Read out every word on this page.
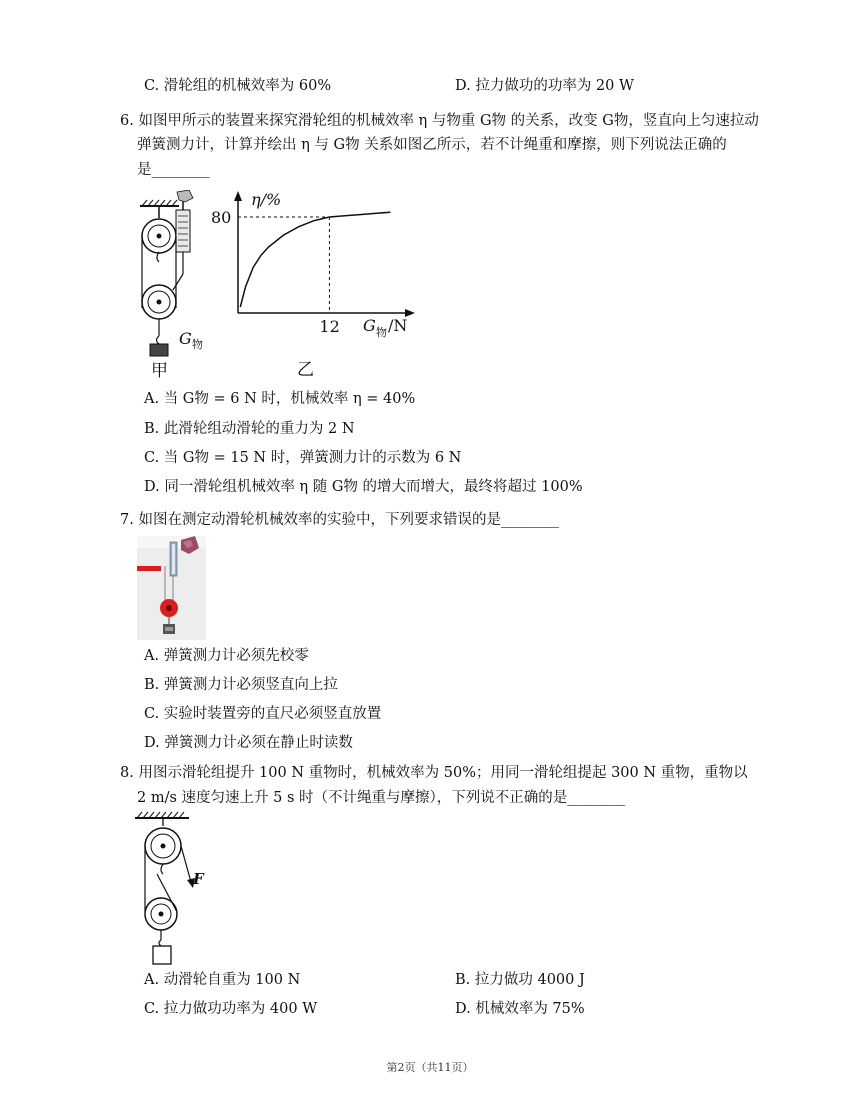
C. 滑轮组的机械效率为 60%	D. 拉力做功的功率为 20 W
6. 如图甲所示的装置来探究滑轮组的机械效率 η 与物重 G物 的关系，改变 G物，竖直向上匀速拉动
弹簧测力计，计算并绘出 η 与 G物 关系如图乙所示，若不计绳重和摩擦，则下列说法正确的
是________
G 物
甲
η/%
G 物 /N
80
12
乙
A. 当 G物 = 6 N 时，机械效率 η = 40%
B. 此滑轮组动滑轮的重力为 2 N
C. 当 G物 = 15 N 时，弹簧测力计的示数为 6 N
D. 同一滑轮组机械效率 η 随 G物 的增大而增大，最终将超过 100%
7. 如图在测定动滑轮机械效率的实验中，下列要求错误的是________
A. 弹簧测力计必须先校零
B. 弹簧测力计必须竖直向上拉
C. 实验时装置旁的直尺必须竖直放置
D. 弹簧测力计必须在静止时读数
8. 用图示滑轮组提升 100 N 重物时，机械效率为 50%；用同一滑轮组提起 300 N 重物，重物以
2 m/s 速度匀速上升 5 s 时（不计绳重与摩擦），下列说不正确的是________
F
A. 动滑轮自重为 100 N	B. 拉力做功 4000 J
C. 拉力做功功率为 400 W	D. 机械效率为 75%
第2页（共11页）
